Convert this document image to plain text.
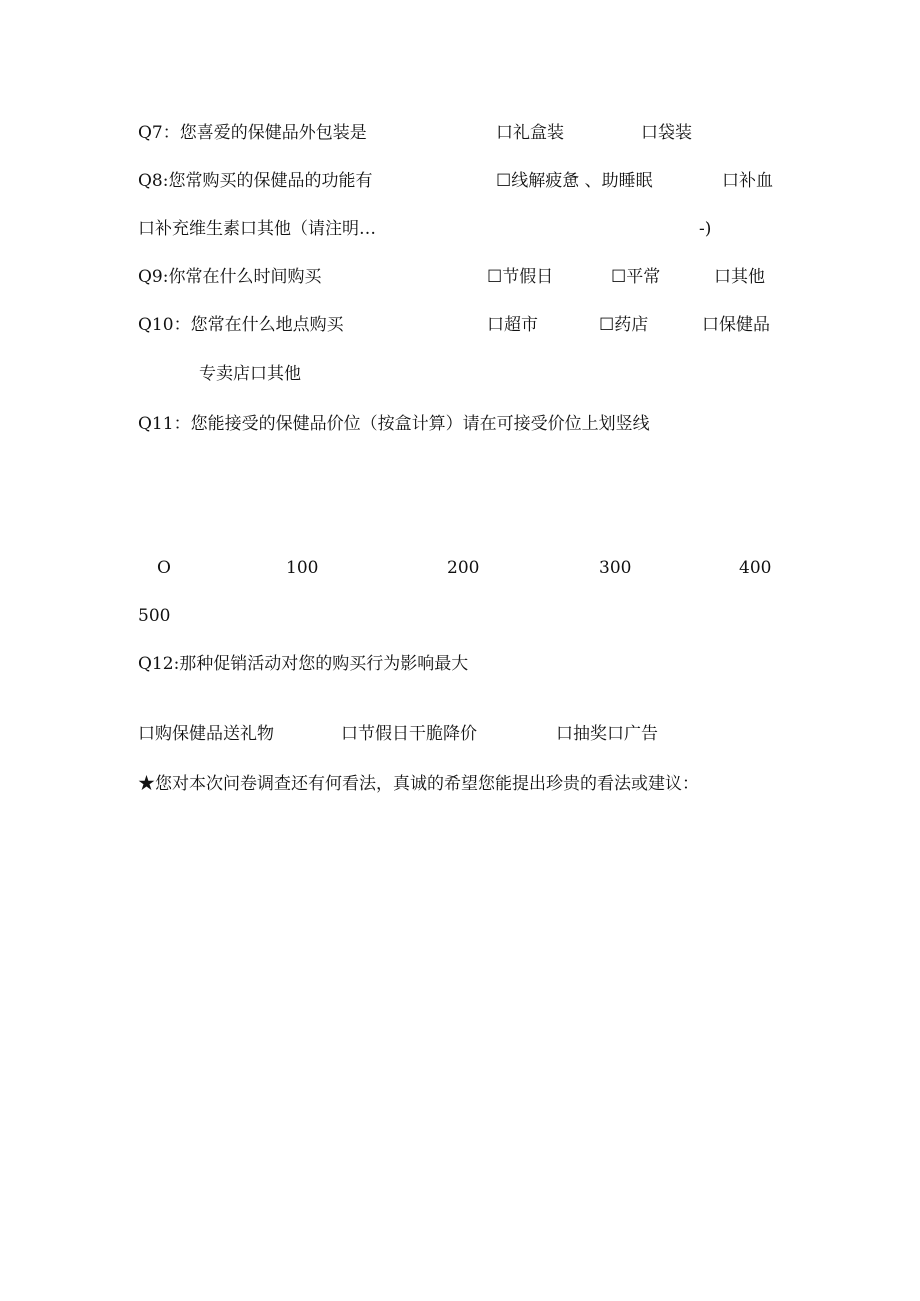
Q7：您喜爱的保健品外包装是	口礼盒装	口袋装
Q8:您常购买的保健品的功能有	☐线解疲惫 、助睡眠	口补血
口补充维生素口其他（请注明…	-)
Q9:你常在什么时间购买	☐节假日	☐平常	口其他
Q10：您常在什么地点购买	口超市	☐药店	口保健品
专卖店口其他
Q11：您能接受的保健品价位（按盒计算）请在可接受价位上划竖线
O	100	200	300	400
500
Q12:那种促销活动对您的购买行为影响最大
口购保健品送礼物	口节假日干脆降价	口抽奖口广告
★您对本次问卷调查还有何看法，真诚的希望您能提出珍贵的看法或建议：
